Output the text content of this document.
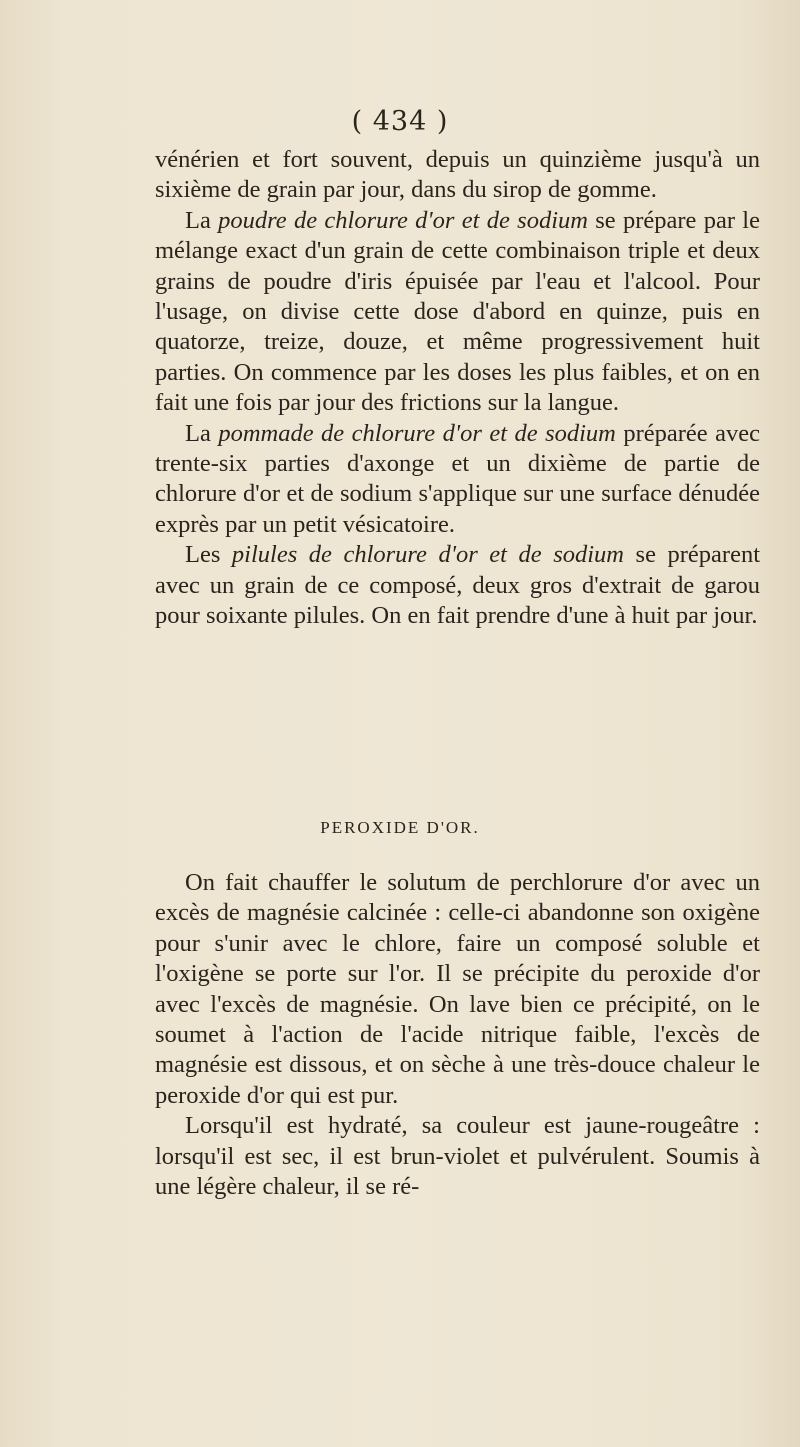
( 434 )

vénérien et fort souvent, depuis un quinzième jusqu'à un sixième de grain par jour, dans du sirop de gomme.

La poudre de chlorure d'or et de sodium se prépare par le mélange exact d'un grain de cette combinaison triple et deux grains de poudre d'iris épuisée par l'eau et l'alcool. Pour l'usage, on divise cette dose d'abord en quinze, puis en quatorze, treize, douze, et même progressivement huit parties. On commence par les doses les plus faibles, et on en fait une fois par jour des frictions sur la langue.

La pommade de chlorure d'or et de sodium préparée avec trente-six parties d'axonge et un dixième de partie de chlorure d'or et de sodium s'applique sur une surface dénudée exprès par un petit vésicatoire.

Les pilules de chlorure d'or et de sodium se préparent avec un grain de ce composé, deux gros d'extrait de garou pour soixante pilules. On en fait prendre d'une à huit par jour.

PEROXIDE D'OR.

On fait chauffer le solutum de perchlorure d'or avec un excès de magnésie calcinée : celle-ci abandonne son oxigène pour s'unir avec le chlore, faire un composé soluble et l'oxigène se porte sur l'or. Il se précipite du peroxide d'or avec l'excès de magnésie. On lave bien ce précipité, on le soumet à l'action de l'acide nitrique faible, l'excès de magnésie est dissous, et on sèche à une très-douce chaleur le peroxide d'or qui est pur.

Lorsqu'il est hydraté, sa couleur est jaune-rougeâtre : lorsqu'il est sec, il est brun-violet et pulvérulent. Soumis à une légère chaleur, il se ré-
